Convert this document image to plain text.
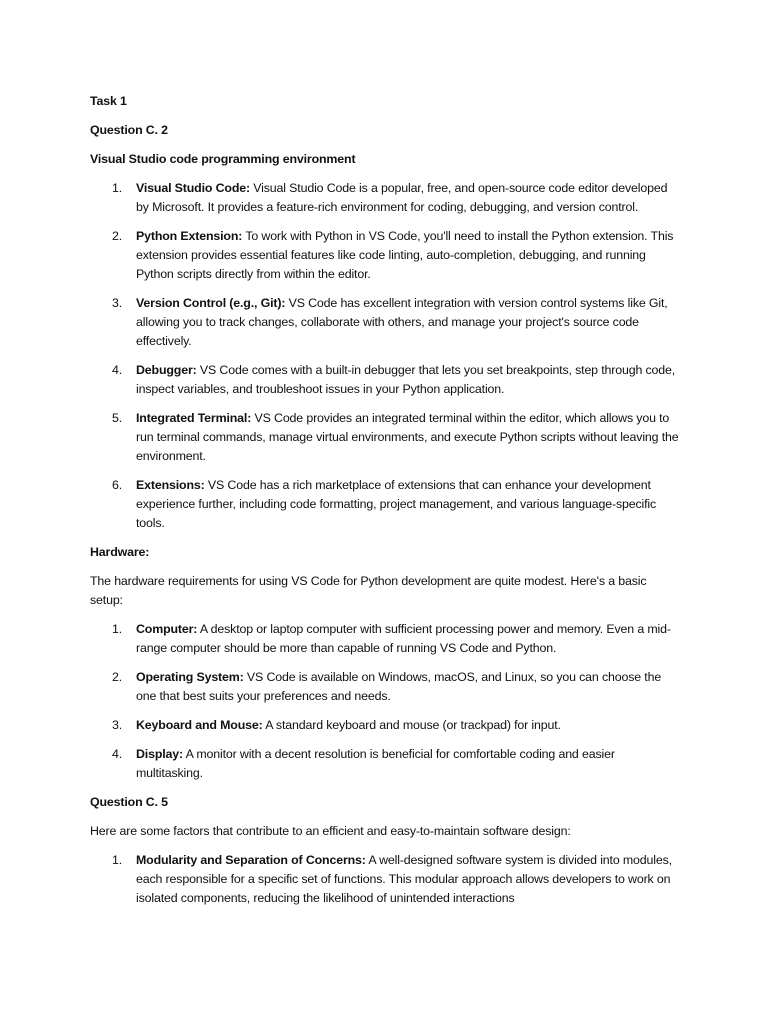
Task 1

Question C. 2

Visual Studio code programming environment

1. Visual Studio Code: Visual Studio Code is a popular, free, and open-source code editor developed by Microsoft. It provides a feature-rich environment for coding, debugging, and version control.
2. Python Extension: To work with Python in VS Code, you'll need to install the Python extension. This extension provides essential features like code linting, auto-completion, debugging, and running Python scripts directly from within the editor.
3. Version Control (e.g., Git): VS Code has excellent integration with version control systems like Git, allowing you to track changes, collaborate with others, and manage your project's source code effectively.
4. Debugger: VS Code comes with a built-in debugger that lets you set breakpoints, step through code, inspect variables, and troubleshoot issues in your Python application.
5. Integrated Terminal: VS Code provides an integrated terminal within the editor, which allows you to run terminal commands, manage virtual environments, and execute Python scripts without leaving the environment.
6. Extensions: VS Code has a rich marketplace of extensions that can enhance your development experience further, including code formatting, project management, and various language-specific tools.

Hardware:

The hardware requirements for using VS Code for Python development are quite modest. Here's a basic setup:

1. Computer: A desktop or laptop computer with sufficient processing power and memory. Even a mid-range computer should be more than capable of running VS Code and Python.
2. Operating System: VS Code is available on Windows, macOS, and Linux, so you can choose the one that best suits your preferences and needs.
3. Keyboard and Mouse: A standard keyboard and mouse (or trackpad) for input.
4. Display: A monitor with a decent resolution is beneficial for comfortable coding and easier multitasking.

Question C. 5

Here are some factors that contribute to an efficient and easy-to-maintain software design:

1. Modularity and Separation of Concerns: A well-designed software system is divided into modules, each responsible for a specific set of functions. This modular approach allows developers to work on isolated components, reducing the likelihood of unintended interactions
